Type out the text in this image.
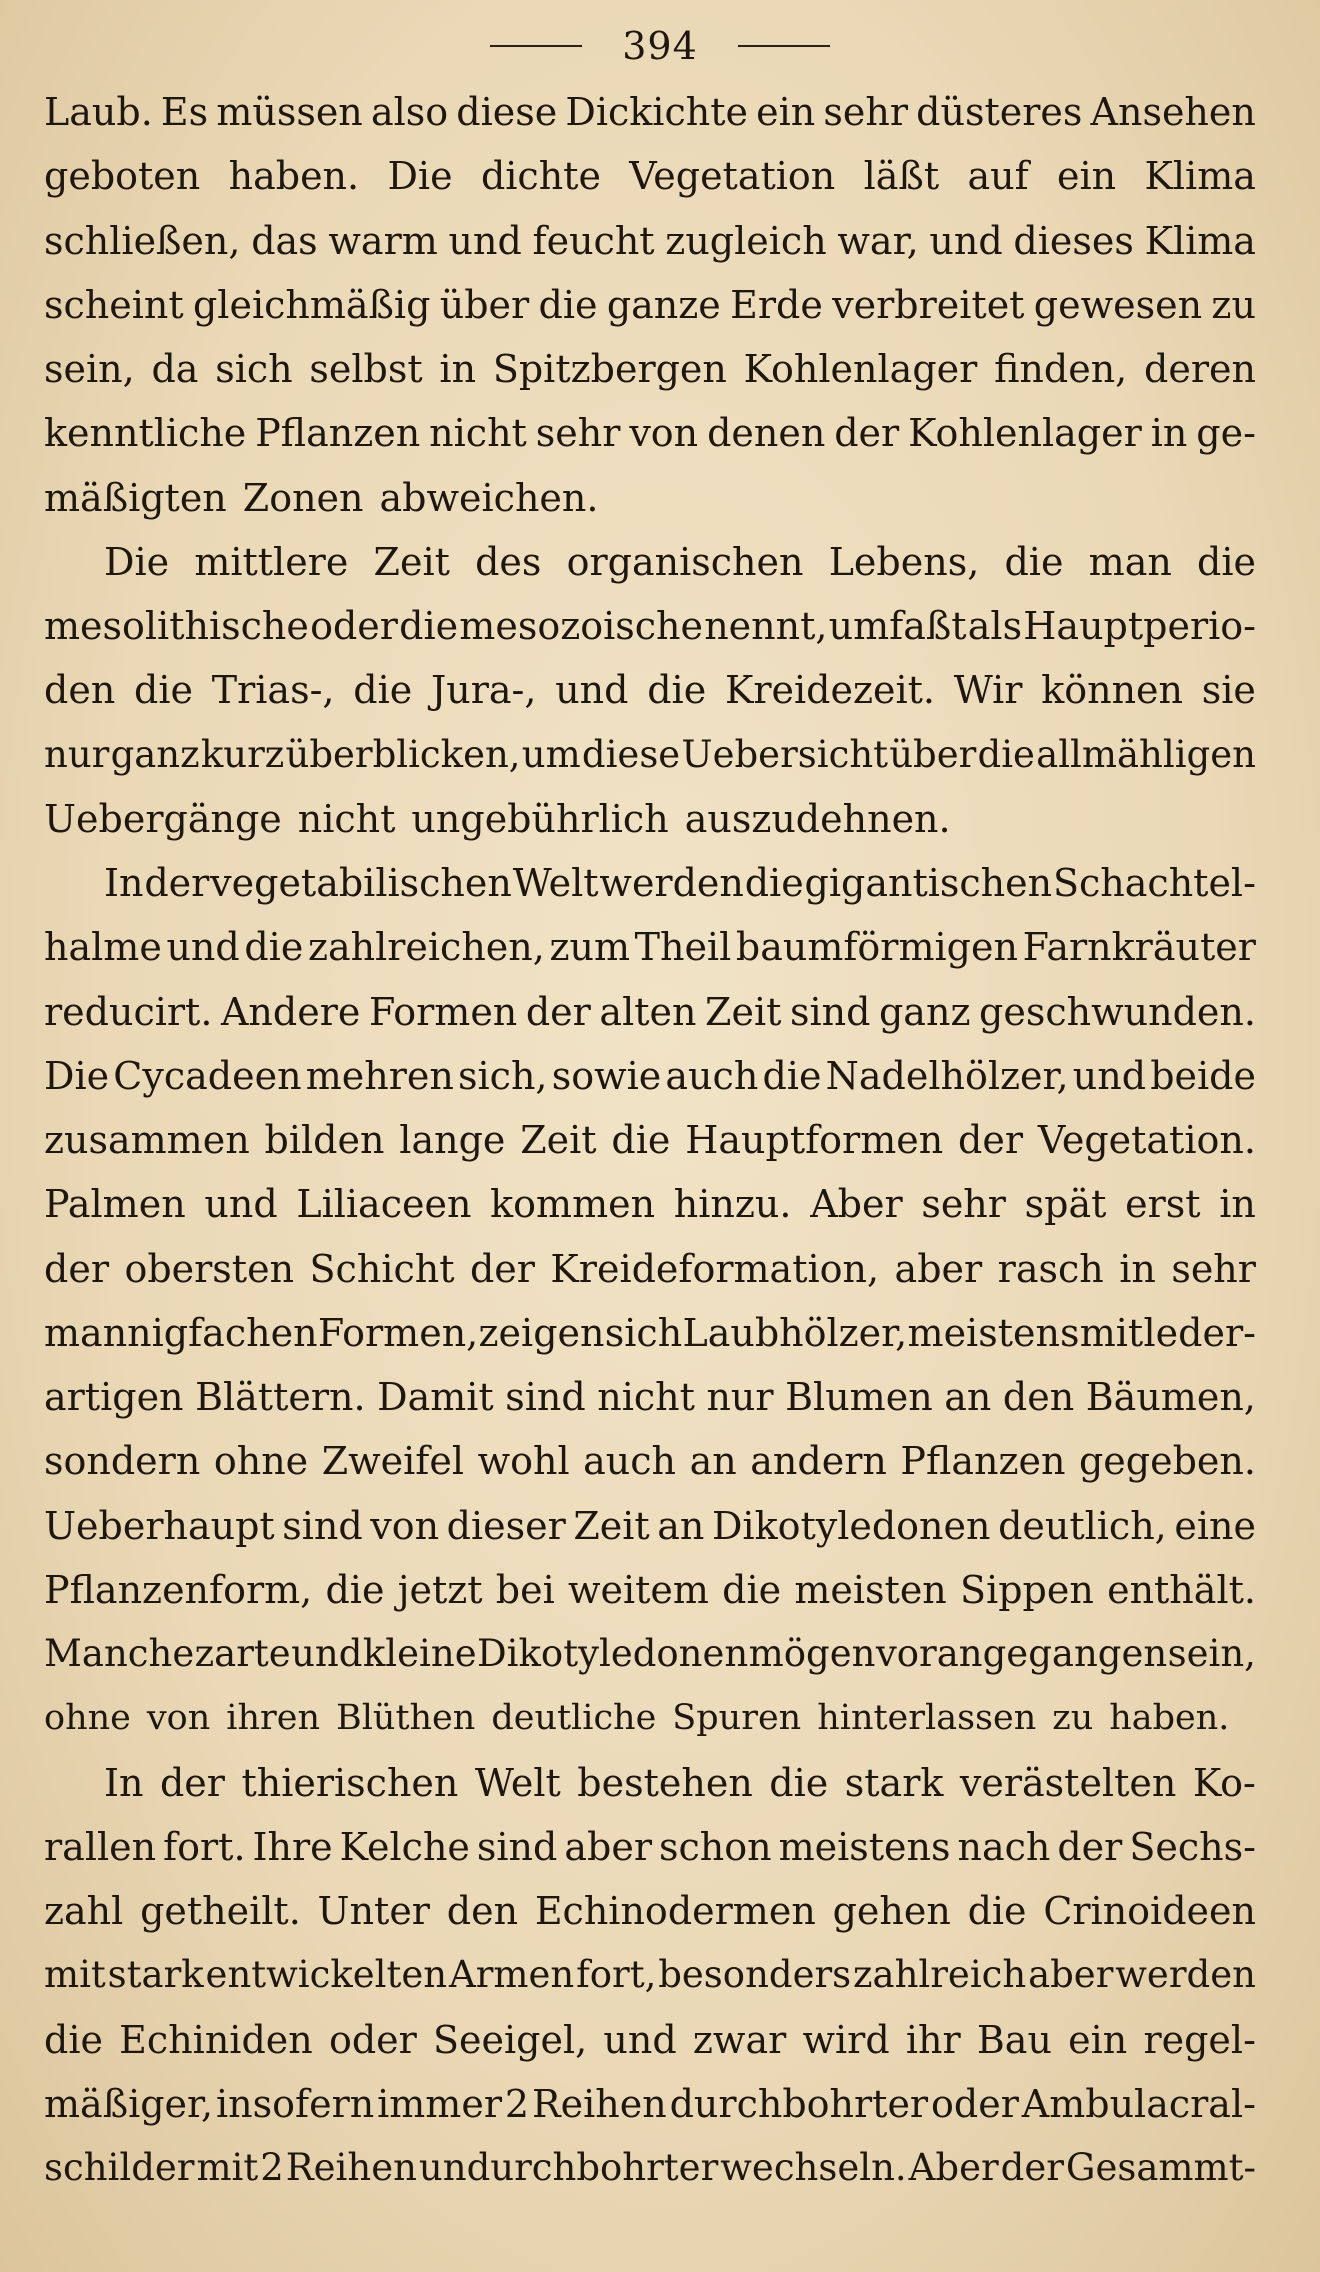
394
Laub. Es müssen also diese Dickichte ein sehr düsteres Ansehen
geboten haben. Die dichte Vegetation läßt auf ein Klima
schließen, das warm und feucht zugleich war, und dieses Klima
scheint gleichmäßig über die ganze Erde verbreitet gewesen zu
sein, da sich selbst in Spitzbergen Kohlenlager finden, deren
kenntliche Pflanzen nicht sehr von denen der Kohlenlager in ge-
mäßigten Zonen abweichen.
Die mittlere Zeit des organischen Lebens, die man die
mesolithische oder die mesozoische nennt, umfaßt als Hauptperio-
den die Trias-, die Jura-, und die Kreidezeit. Wir können sie
nur ganz kurz überblicken, um diese Uebersicht über die allmähligen
Uebergänge nicht ungebührlich auszudehnen.
In der vegetabilischen Welt werden die gigantischen Schachtel-
halme und die zahlreichen, zum Theil baumförmigen Farnkräuter
reducirt. Andere Formen der alten Zeit sind ganz geschwunden.
Die Cycadeen mehren sich, sowie auch die Nadelhölzer, und beide
zusammen bilden lange Zeit die Hauptformen der Vegetation.
Palmen und Liliaceen kommen hinzu. Aber sehr spät erst in
der obersten Schicht der Kreideformation, aber rasch in sehr
mannigfachen Formen, zeigen sich Laubhölzer, meistens mit leder-
artigen Blättern. Damit sind nicht nur Blumen an den Bäumen,
sondern ohne Zweifel wohl auch an andern Pflanzen gegeben.
Ueberhaupt sind von dieser Zeit an Dikotyledonen deutlich, eine
Pflanzenform, die jetzt bei weitem die meisten Sippen enthält.
Manche zarte und kleine Dikotyledonen mögen vorangegangen sein,
ohne von ihren Blüthen deutliche Spuren hinterlassen zu haben.
In der thierischen Welt bestehen die stark verästelten Ko-
rallen fort. Ihre Kelche sind aber schon meistens nach der Sechs-
zahl getheilt. Unter den Echinodermen gehen die Crinoideen
mit stark entwickelten Armen fort, besonders zahlreich aber werden
die Echiniden oder Seeigel, und zwar wird ihr Bau ein regel-
mäßiger, insofern immer 2 Reihen durchbohrter oder Ambulacral-
schilder mit 2 Reihen undurchbohrter wechseln. Aber der Gesammt-
